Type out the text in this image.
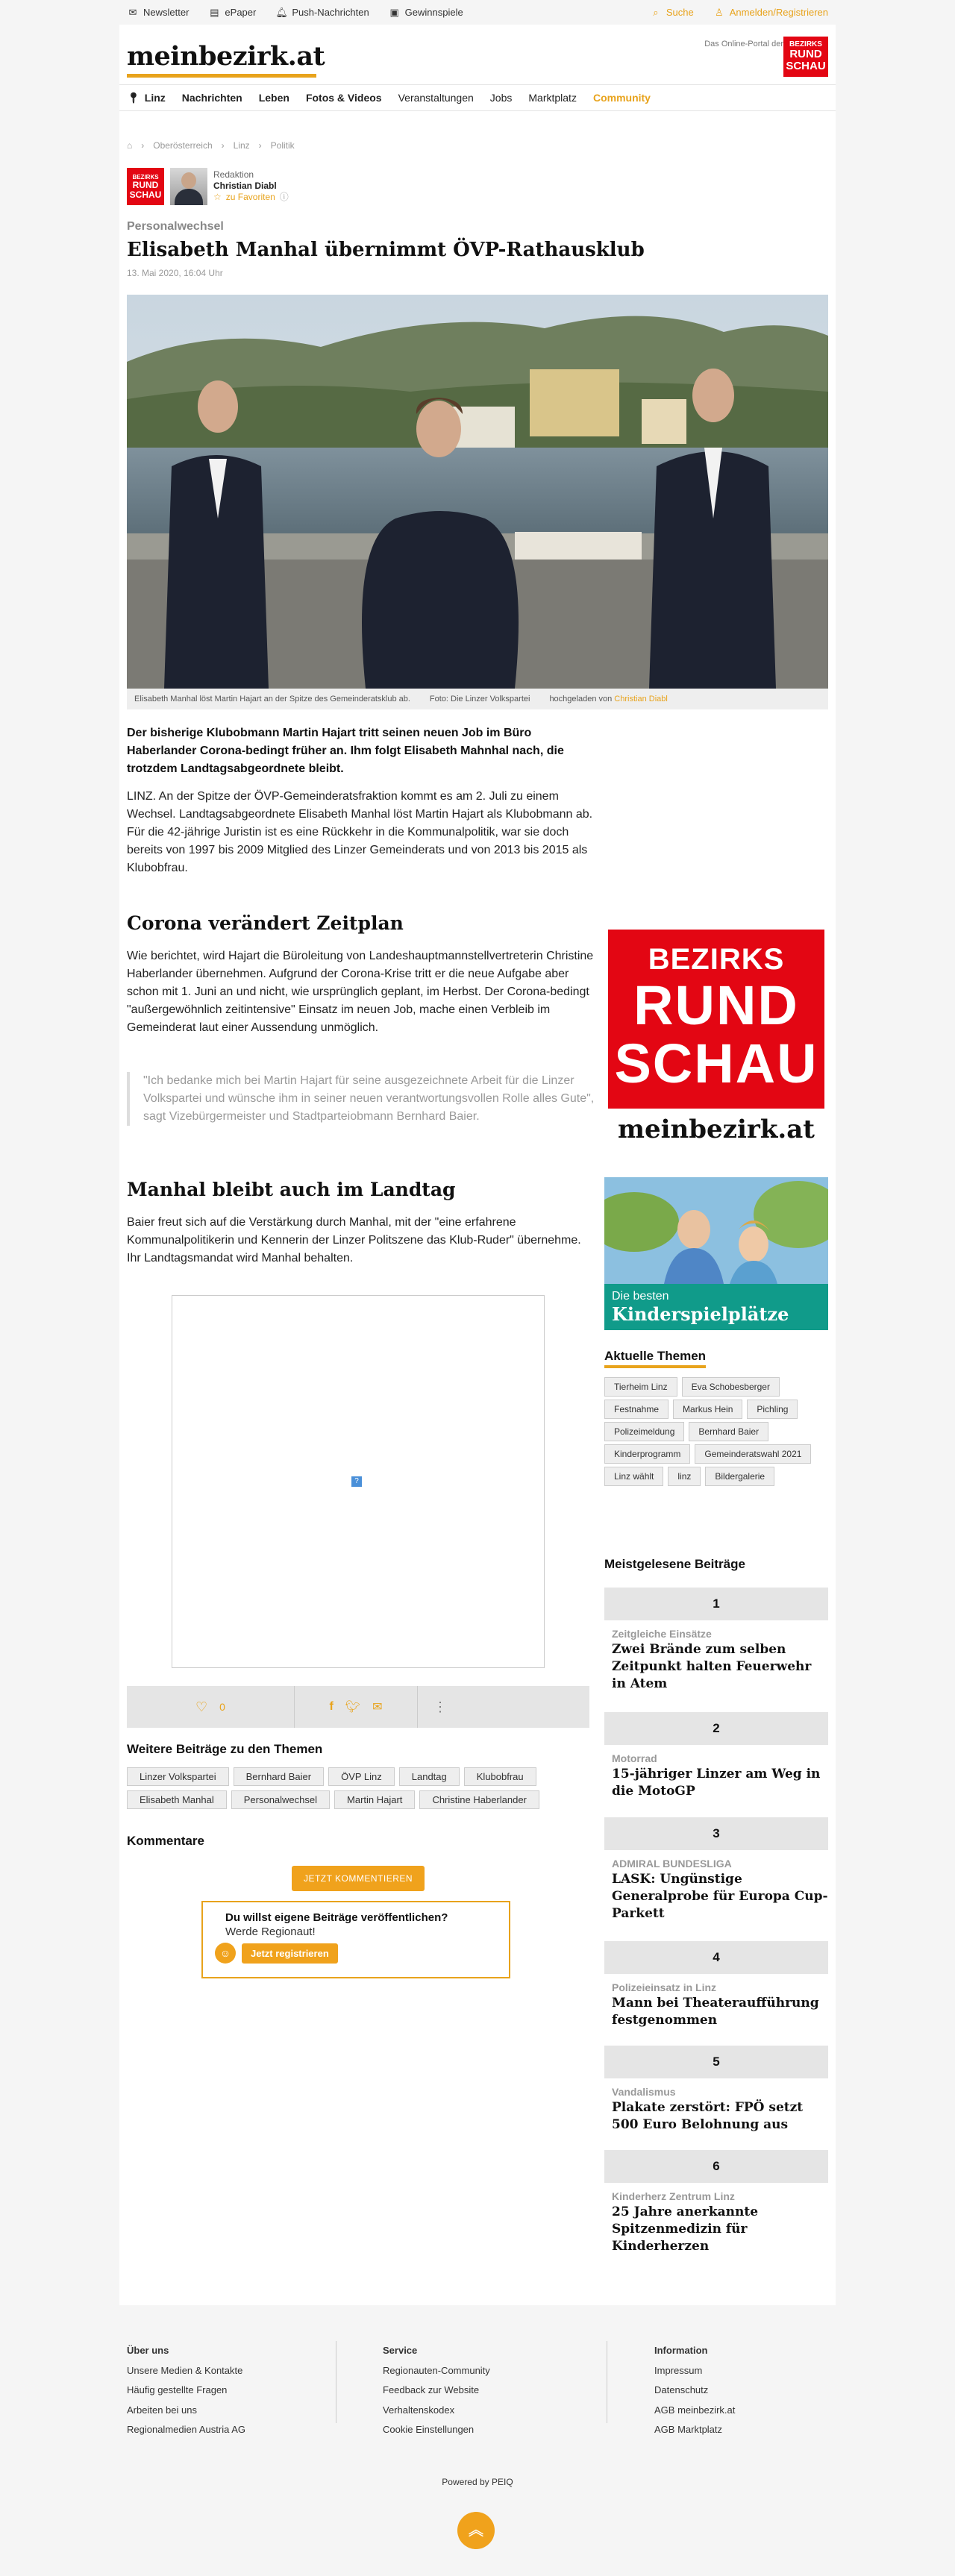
✉ Newsletter ▤ ePaper 🔔︎ Push-Nachrichten ▣ Gewinnspiele	⌕ Suche ♙ Anmelden/Registrieren
meinbezirk.at	Das Online-Portal der BEZIRKS
RUND
SCHAU
📍︎ Linz Nachrichten Leben Fotos & Videos Veranstaltungen Jobs Marktplatz Community
⌂ › Oberösterreich › Linz › Politik
BEZIRKS
RUND
SCHAU
Redaktion
Christian Diabl
☆ zu Favoriten ⓘ
Personalwechsel
Elisabeth Manhal übernimmt ÖVP-Rathausklub
13. Mai 2020, 16:04 Uhr
Elisabeth Manhal löst Martin Hajart an der Spitze des Gemeinderatsklub ab. Foto: Die Linzer Volkspartei hochgeladen von Christian Diabl

Der bisherige Klubobmann Martin Hajart tritt seinen neuen Job im Büro Haberlander Corona-bedingt früher an. Ihm folgt Elisabeth Mahnhal nach, die trotzdem Landtagsabgeordnete bleibt.

LINZ. An der Spitze der ÖVP-Gemeinderatsfraktion kommt es am 2. Juli zu einem Wechsel. Landtagsabgeordnete Elisabeth Manhal löst Martin Hajart als Klubobmann ab. Für die 42-jährige Juristin ist es eine Rückkehr in die Kommunalpolitik, war sie doch bereits von 1997 bis 2009 Mitglied des Linzer Gemeinderats und von 2013 bis 2015 als Klubobfrau.

Corona verändert Zeitplan

Wie berichtet, wird Hajart die Büroleitung von Landeshauptmannstellvertreterin Christine Haberlander übernehmen. Aufgrund der Corona-Krise tritt er die neue Aufgabe aber schon mit 1. Juni an und nicht, wie ursprünglich geplant, im Herbst. Der Corona-bedingt "außergewöhnlich zeitintensive" Einsatz im neuen Job, mache einen Verbleib im Gemeinderat laut einer Aussendung unmöglich.

"Ich bedanke mich bei Martin Hajart für seine ausgezeichnete Arbeit für die Linzer Volkspartei und wünsche ihm in seiner neuen verantwortungsvollen Rolle alles Gute", sagt Vizebürgermeister und Stadtparteiobmann Bernhard Baier.
Manhal bleibt auch im Landtag

Baier freut sich auf die Verstärkung durch Manhal, mit der "eine erfahrene Kommunalpolitikerin und Kennerin der Linzer Politszene das Klub-Ruder" übernehme. Ihr Landtagsmandat wird Manhal behalten.

?
♡ 0	f 🐦︎ ✉	⋮
Weitere Beiträge zu den Themen
Linzer Volkspartei	Bernhard Baier	ÖVP Linz	Landtag	Klubobfrau
Elisabeth Manhal	Personalwechsel	Martin Hajart	Christine Haberlander
Kommentare
JETZT KOMMENTIEREN
Du willst eigene Beiträge veröffentlichen?
Werde Regionaut!
☺	Jetzt registrieren
BEZIRKS
RUND
SCHAU
meinbezirk.at
Die besten
Kinderspielplätze
Aktuelle Themen
Tierheim Linz	Eva Schobesberger
Festnahme	Markus Hein	Pichling
Polizeimeldung	Bernhard Baier
Kinderprogramm	Gemeinderatswahl 2021
Linz wählt	linz	Bildergalerie
Meistgelesene Beiträge
1
Zeitgleiche Einsätze
Zwei Brände zum selben Zeitpunkt halten Feuerwehr in Atem
2
Motorrad
15-jähriger Linzer am Weg in die MotoGP
3
ADMIRAL BUNDESLIGA
LASK: Ungünstige Generalprobe für Europa Cup-Parkett
4
Polizeieinsatz in Linz
Mann bei Theateraufführung festgenommen
5
Vandalismus
Plakate zerstört: FPÖ setzt 500 Euro Belohnung aus
6
Kinderherz Zentrum Linz
25 Jahre anerkannte Spitzenmedizin für Kinderherzen
Über uns
Unsere Medien & Kontakte
Häufig gestellte Fragen
Arbeiten bei uns
Regionalmedien Austria AG
Service
Regionauten-Community
Feedback zur Website
Verhaltenskodex
Cookie Einstellungen
Information
Impressum
Datenschutz
AGB meinbezirk.at
AGB Marktplatz
Powered by PEIQ
︽
